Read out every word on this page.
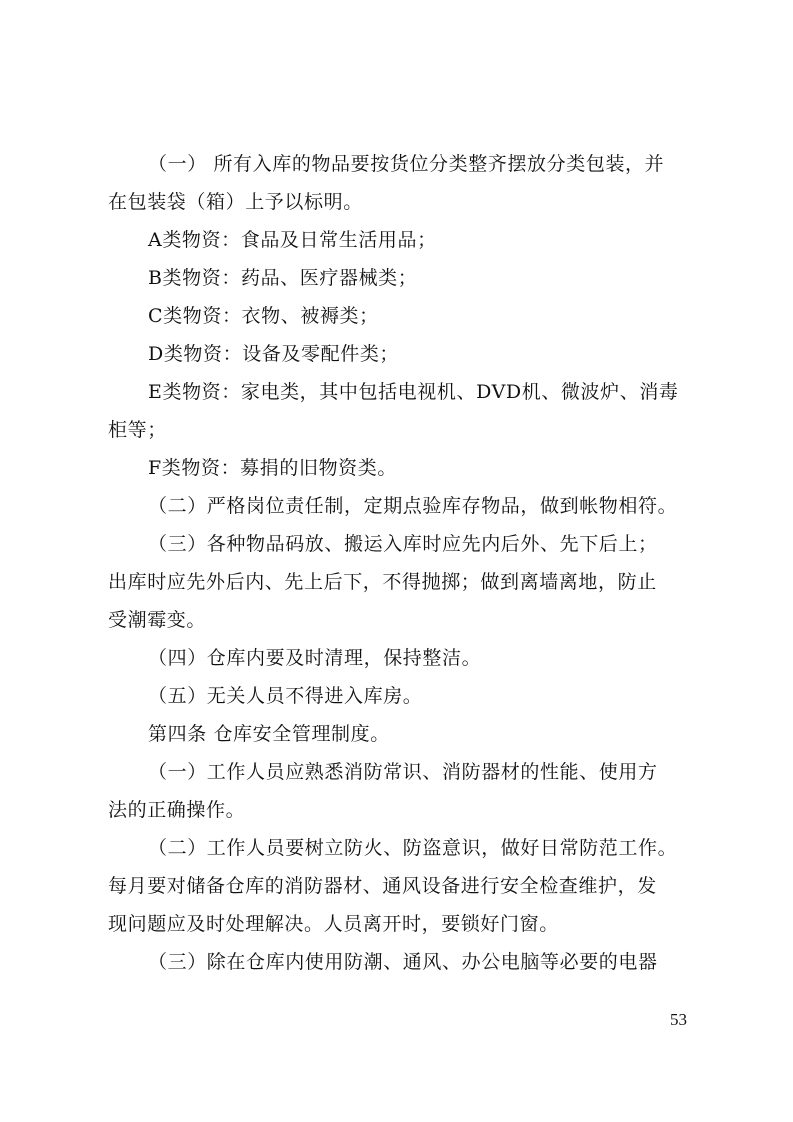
（一） 所有入库的物品要按货位分类整齐摆放分类包装，并
在包装袋（箱）上予以标明。
A类物资：食品及日常生活用品；
B类物资：药品、医疗器械类；
C类物资：衣物、被褥类；
D类物资：设备及零配件类；
E类物资：家电类，其中包括电视机、DVD机、微波炉、消毒
柜等；
F类物资：募捐的旧物资类。
（二）严格岗位责任制，定期点验库存物品，做到帐物相符。
（三）各种物品码放、搬运入库时应先内后外、先下后上；
出库时应先外后内、先上后下，不得抛掷；做到离墙离地，防止
受潮霉变。
（四）仓库内要及时清理，保持整洁。
（五）无关人员不得进入库房。
第四条 仓库安全管理制度。
（一）工作人员应熟悉消防常识、消防器材的性能、使用方
法的正确操作。
（二）工作人员要树立防火、防盗意识，做好日常防范工作。
每月要对储备仓库的消防器材、通风设备进行安全检查维护，发
现问题应及时处理解决。人员离开时，要锁好门窗。
（三）除在仓库内使用防潮、通风、办公电脑等必要的电器
53
